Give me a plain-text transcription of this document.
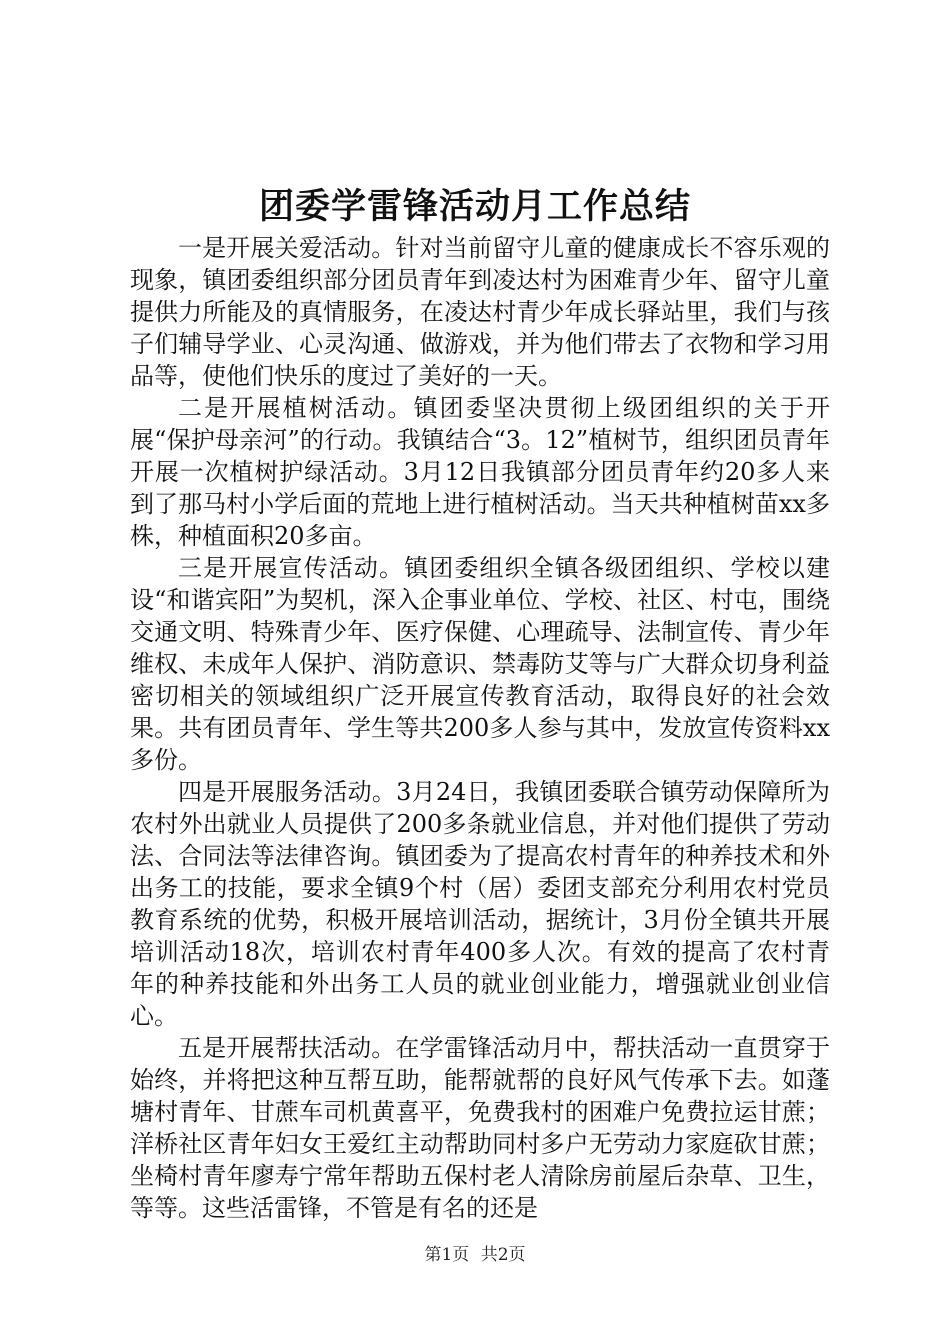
团委学雷锋活动月工作总结

一是开展关爱活动。针对当前留守儿童的健康成长不容乐观的现象，镇团委组织部分团员青年到凌达村为困难青少年、留守儿童提供力所能及的真情服务，在凌达村青少年成长驿站里，我们与孩子们辅导学业、心灵沟通、做游戏，并为他们带去了衣物和学习用品等，使他们快乐的度过了美好的一天。

二是开展植树活动。镇团委坚决贯彻上级团组织的关于开展“保护母亲河”的行动。我镇结合“3。12”植树节，组织团员青年开展一次植树护绿活动。3月12日我镇部分团员青年约20多人来到了那马村小学后面的荒地上进行植树活动。当天共种植树苗xx多株，种植面积20多亩。

三是开展宣传活动。镇团委组织全镇各级团组织、学校以建设“和谐宾阳”为契机，深入企事业单位、学校、社区、村屯，围绕交通文明、特殊青少年、医疗保健、心理疏导、法制宣传、青少年维权、未成年人保护、消防意识、禁毒防艾等与广大群众切身利益密切相关的领域组织广泛开展宣传教育活动，取得良好的社会效果。共有团员青年、学生等共200多人参与其中，发放宣传资料xx多份。

四是开展服务活动。3月24日，我镇团委联合镇劳动保障所为农村外出就业人员提供了200多条就业信息，并对他们提供了劳动法、合同法等法律咨询。镇团委为了提高农村青年的种养技术和外出务工的技能，要求全镇9个村（居）委团支部充分利用农村党员教育系统的优势，积极开展培训活动，据统计，3月份全镇共开展培训活动18次，培训农村青年400多人次。有效的提高了农村青年的种养技能和外出务工人员的就业创业能力，增强就业创业信心。

五是开展帮扶活动。在学雷锋活动月中，帮扶活动一直贯穿于始终，并将把这种互帮互助，能帮就帮的良好风气传承下去。如蓬塘村青年、甘蔗车司机黄喜平，免费我村的困难户免费拉运甘蔗；洋桥社区青年妇女王爱红主动帮助同村多户无劳动力家庭砍甘蔗；坐椅村青年廖寿宁常年帮助五保村老人清除房前屋后杂草、卫生，等等。这些活雷锋，不管是有名的还是

第1页 共2页
